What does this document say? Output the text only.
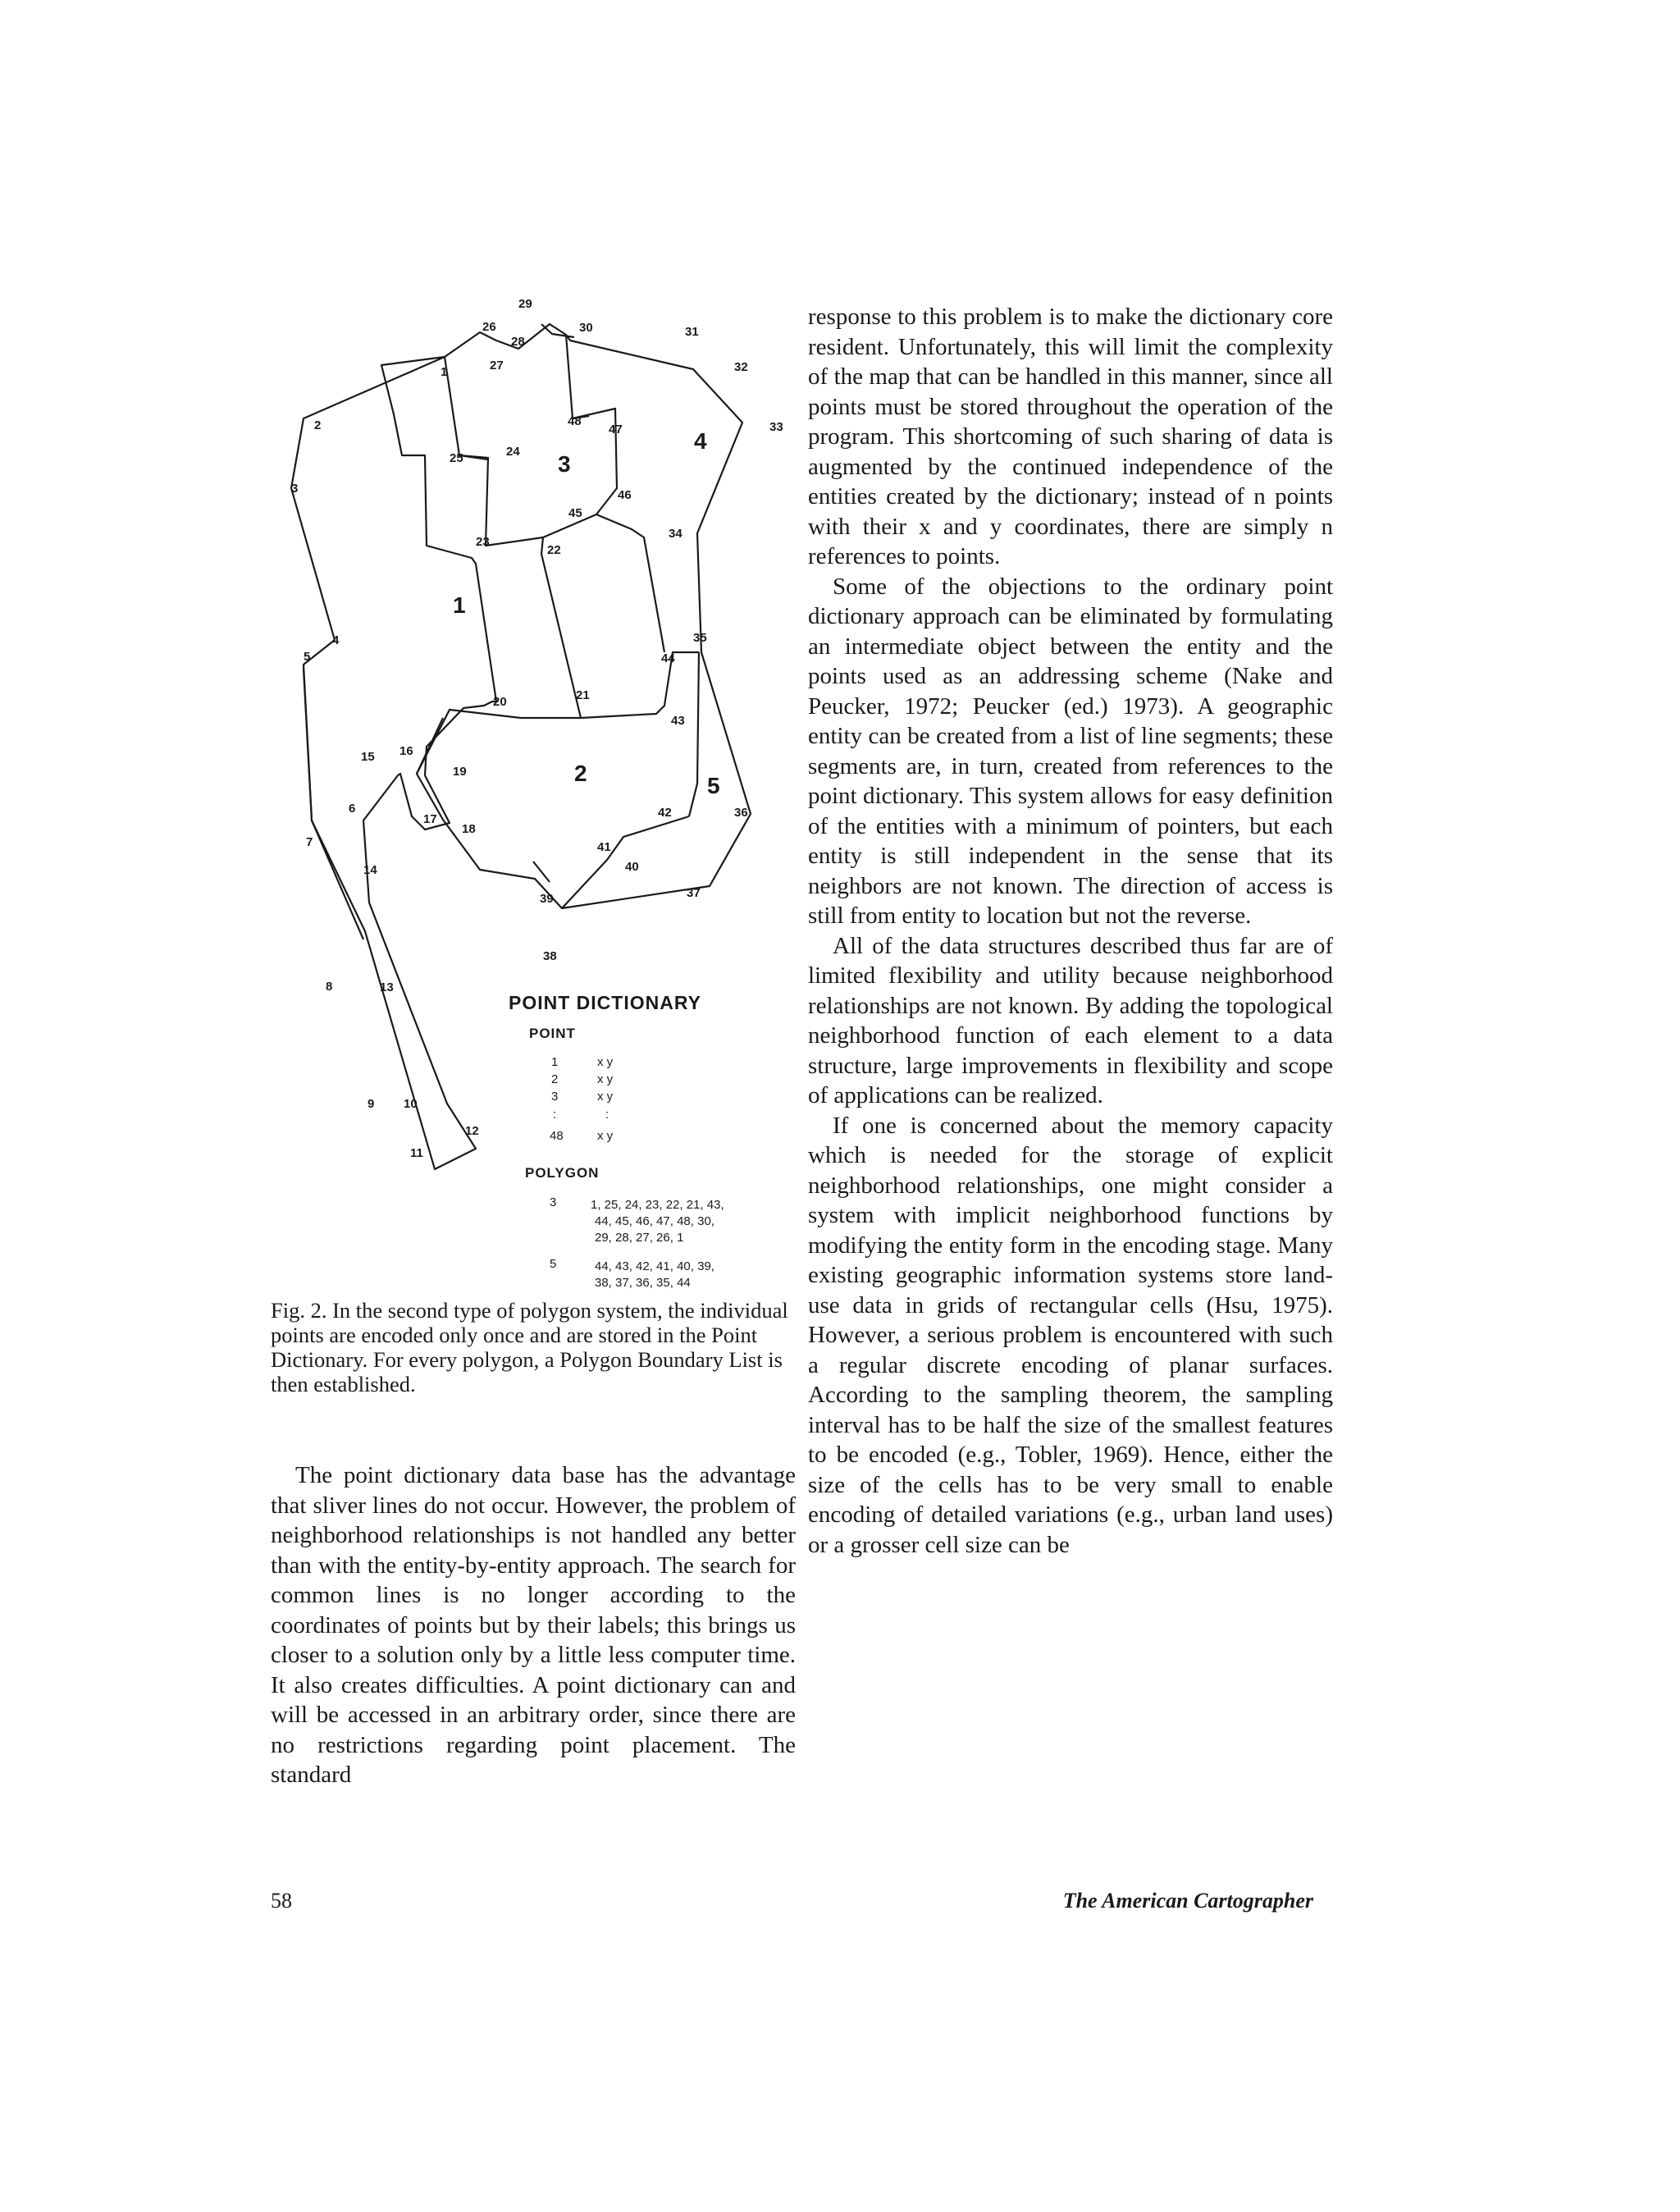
29
26
28
30	31
27
1	32
33
48
47
2
25	24
3	46
45
34
23
22
4
5
35
44
21
20
43
15 16
19
42	36
6
17
18
41
7
14	40
39	37
38
8	13
9 10
12
11
1
2
3
4
5
POINT DICTIONARY
POINT
1	x y
2	x y
3	x y
:	:
48	x y
POLYGON
3	1, 25, 24, 23, 22, 21, 43,
44, 45, 46, 47, 48, 30,
29, 28, 27, 26, 1
5	44, 43, 42, 41, 40, 39,
38, 37, 36, 35, 44
Fig. 2. In the second type of polygon system, the individual points are encoded only once and are stored in the Point Dictionary. For every polygon, a Polygon Boundary List is then established.

The point dictionary data base has the advantage that sliver lines do not occur. However, the problem of neighborhood relationships is not handled any better than with the entity-by-entity approach. The search for common lines is no longer according to the coordinates of points but by their labels; this brings us closer to a solution only by a little less computer time. It also creates difficulties. A point dictionary can and will be accessed in an arbitrary order, since there are no restrictions regarding point placement. The standard

response to this problem is to make the dictionary core resident. Unfortunately, this will limit the complexity of the map that can be handled in this manner, since all points must be stored throughout the operation of the program. This shortcoming of such sharing of data is augmented by the continued independence of the entities created by the dictionary; instead of n points with their x and y coordinates, there are simply n references to points.

Some of the objections to the ordinary point dictionary approach can be eliminated by formulating an intermediate object between the entity and the points used as an addressing scheme (Nake and Peucker, 1972; Peucker (ed.) 1973). A geographic entity can be created from a list of line segments; these segments are, in turn, created from references to the point dictionary. This system allows for easy definition of the entities with a minimum of pointers, but each entity is still independent in the sense that its neighbors are not known. The direction of access is still from entity to location but not the reverse.

All of the data structures described thus far are of limited flexibility and utility because neighborhood relationships are not known. By adding the topological neighborhood function of each element to a data structure, large improvements in flexibility and scope of applications can be realized.

If one is concerned about the memory capacity which is needed for the storage of explicit neighborhood relationships, one might consider a system with implicit neighborhood functions by modifying the entity form in the encoding stage. Many existing geographic information systems store land-use data in grids of rectangular cells (Hsu, 1975). However, a serious problem is encountered with such a regular discrete encoding of planar surfaces. According to the sampling theorem, the sampling interval has to be half the size of the smallest features to be encoded (e.g., Tobler, 1969). Hence, either the size of the cells has to be very small to enable encoding of detailed variations (e.g., urban land uses) or a grosser cell size can be

58	The American Cartographer
